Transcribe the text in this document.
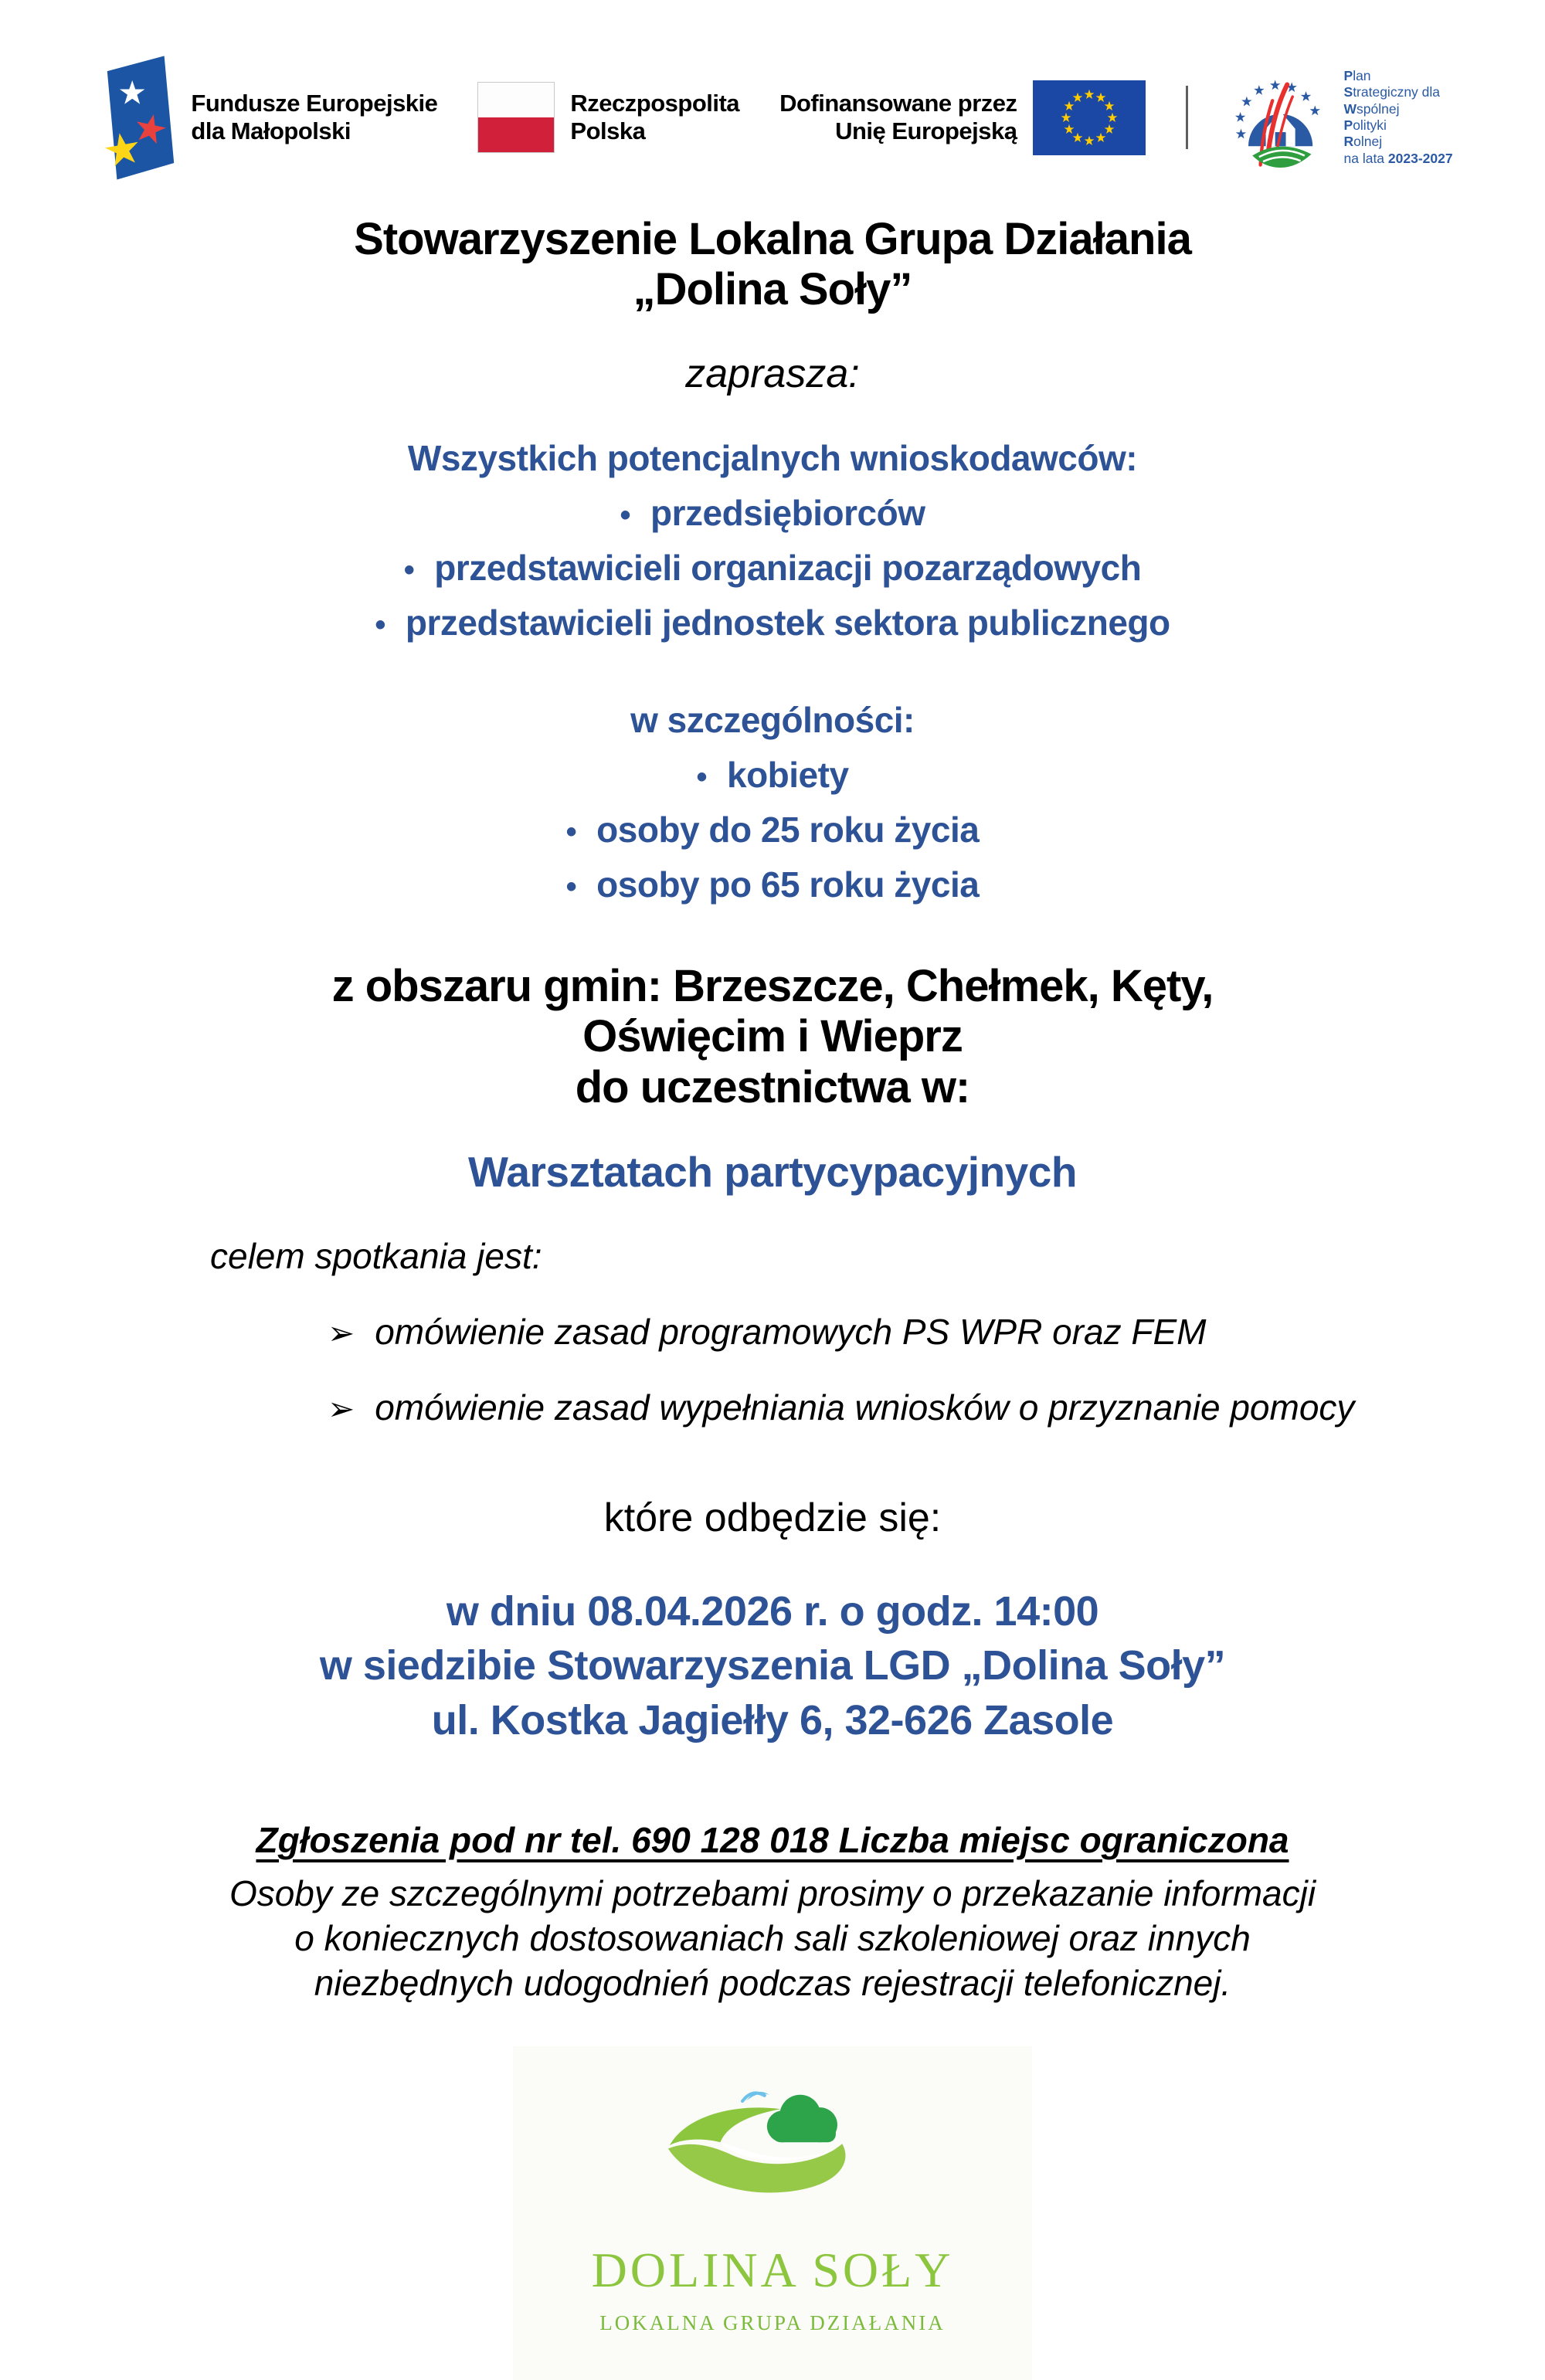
Fundusze Europejskie
dla Małopolski
Rzeczpospolita
Polska
Dofinansowane przez
Unię Europejską
Plan
Strategiczny dla
Wspólnej
Polityki
Rolnej
na lata 2023-2027
Stowarzyszenie Lokalna Grupa Działania
„Dolina Soły”
zaprasza:
Wszystkich potencjalnych wnioskodawców:
• przedsiębiorców
• przedstawicieli organizacji pozarządowych
• przedstawicieli jednostek sektora publicznego
w szczególności:
• kobiety
• osoby do 25 roku życia
• osoby po 65 roku życia
z obszaru gmin: Brzeszcze, Chełmek, Kęty,
Oświęcim i Wieprz
do uczestnictwa w:
Warsztatach partycypacyjnych
celem spotkania jest:
➢ omówienie zasad programowych PS WPR oraz FEM
➢ omówienie zasad wypełniania wniosków o przyznanie pomocy
które odbędzie się:
w dniu 08.04.2026 r. o godz. 14:00
w siedzibie Stowarzyszenia LGD „Dolina Soły”
ul. Kostka Jagiełły 6, 32-626 Zasole
Zgłoszenia pod nr tel. 690 128 018 Liczba miejsc ograniczona
Osoby ze szczególnymi potrzebami prosimy o przekazanie informacji
o koniecznych dostosowaniach sali szkoleniowej oraz innych
niezbędnych udogodnień podczas rejestracji telefonicznej.
DOLINA SOŁY
LOKALNA GRUPA DZIAŁANIA
